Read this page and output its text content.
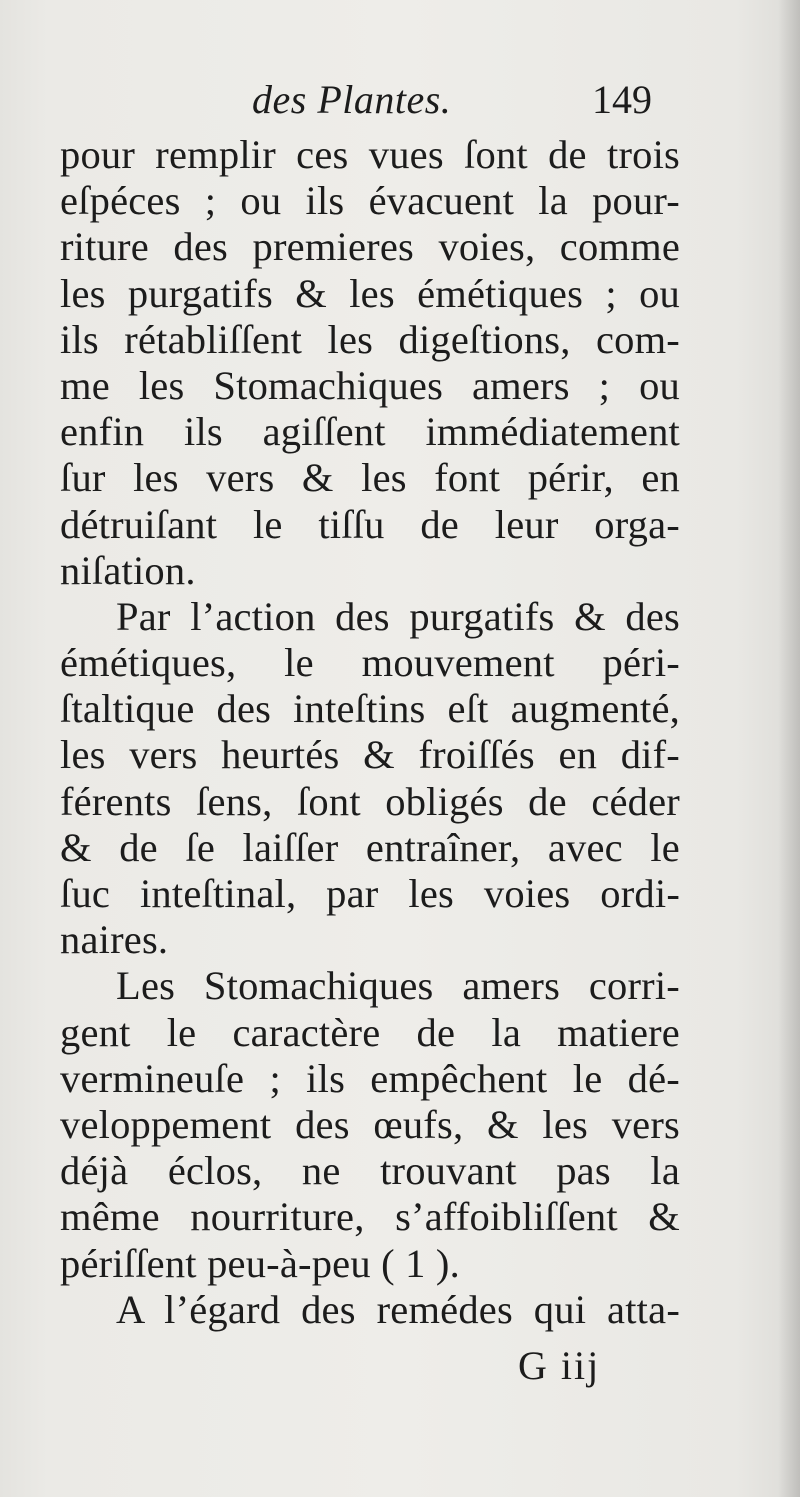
des Plantes.	149
pour remplir ces vues ſont de trois
eſpéces ; ou ils évacuent la pour-
riture des premieres voies, comme
les purgatifs & les émétiques ; ou
ils rétabliſſent les digeſtions, com-
me les Stomachiques amers ; ou
enfin ils agiſſent immédiatement
ſur les vers & les font périr, en
détruiſant le tiſſu de leur orga-
niſation.
Par l’action des purgatifs & des
émétiques, le mouvement péri-
ſtaltique des inteſtins eſt augmenté,
les vers heurtés & froiſſés en dif-
férents ſens, ſont obligés de céder
& de ſe laiſſer entraîner, avec le
ſuc inteſtinal, par les voies ordi-
naires.
Les Stomachiques amers corri-
gent le caractère de la matiere
vermineuſe ; ils empêchent le dé-
veloppement des œufs, & les vers
déjà éclos, ne trouvant pas la
même nourriture, s’affoibliſſent &
périſſent peu-à-peu ( 1 ).
A l’égard des remédes qui atta-
G iij
